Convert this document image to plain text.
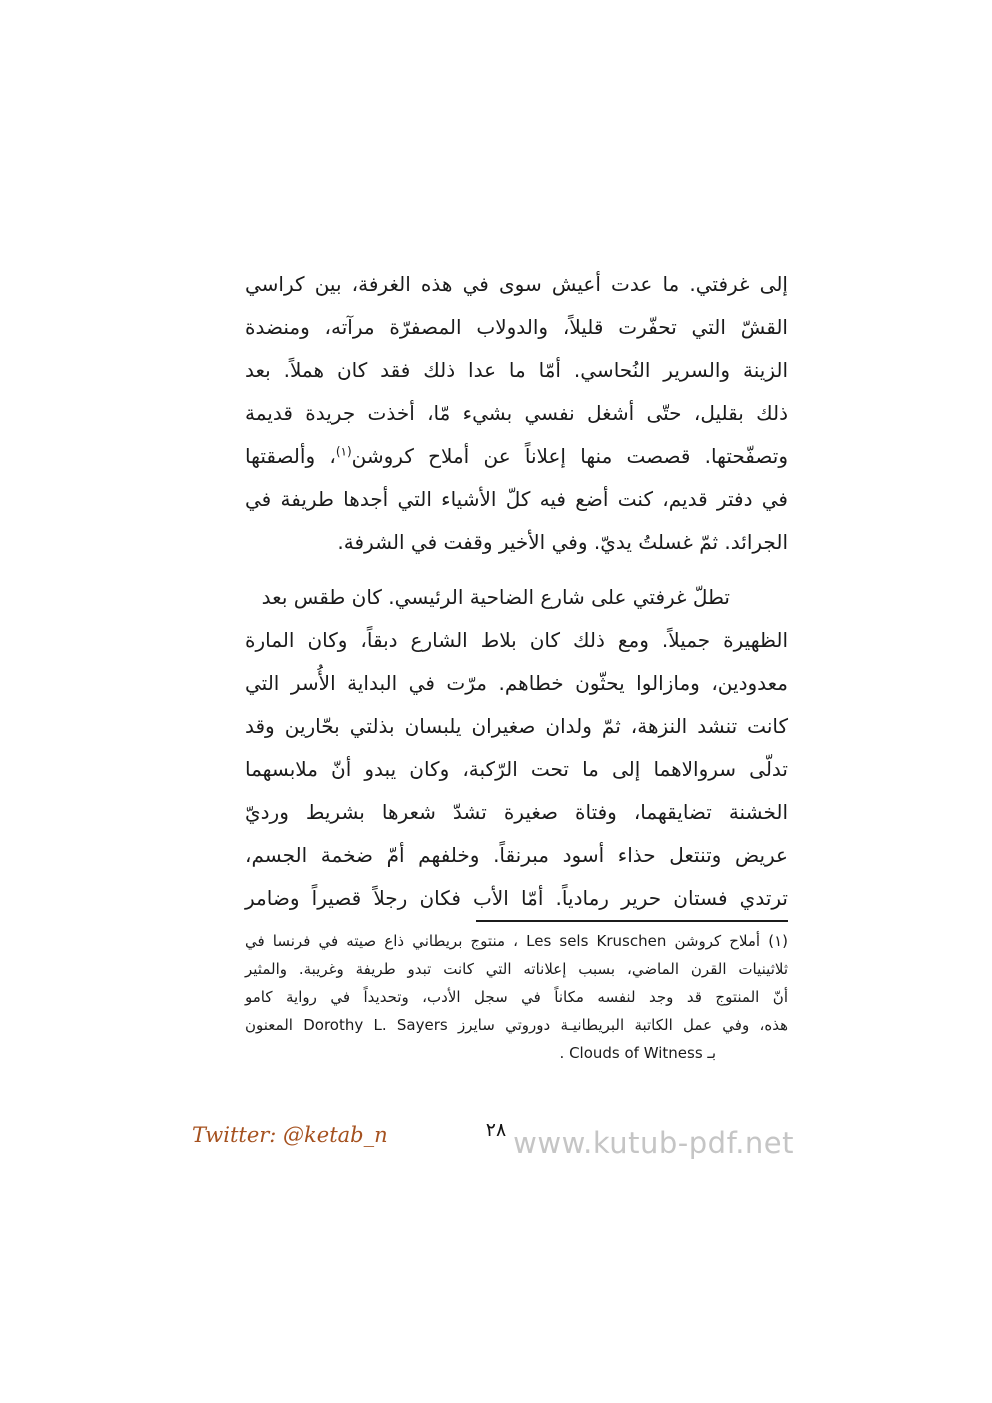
إلى غرفتي. ما عدت أعيش سوى في هذه الغرفة، بين كراسي
القشّ التي تحفّرت قليلاً، والدولاب المصفرّة مرآته، ومنضدة
الزينة والسرير النُحاسي. أمّا ما عدا ذلك فقد كان هملاً. بعد
ذلك بقليل، حتّى أشغل نفسي بشيء مّا، أخذت جريدة قديمة
وتصفّحتها. قصصت منها إعلاناً عن أملاح كروشن$^{(١)}$، وألصقتها
في دفتر قديم، كنت أضع فيه كلّ الأشياء التي أجدها طريفة في
الجرائد. ثمّ غسلتُ يديّ. وفي الأخير وقفت في الشرفة.
تطلّ غرفتي على شارع الضاحية الرئيسي. كان طقس بعد
الظهيرة جميلاً. ومع ذلك كان بلاط الشارع دبقاً، وكان المارة
معدودين، ومازالوا يحثّون خطاهم. مرّت في البداية الأُسر التي
كانت تنشد النزهة، ثمّ ولدان صغيران يلبسان بذلتي بحّارين وقد
تدلّى سروالاهما إلى ما تحت الرّكبة، وكان يبدو أنّ ملابسهما
الخشنة تضايقهما، وفتاة صغيرة تشدّ شعرها بشريط ورديّ
عريض وتنتعل حذاء أسود مبرنقاً. وخلفهم أمّ ضخمة الجسم،
ترتدي فستان حرير رمادياً. أمّا الأب فكان رجلاً قصيراً وضامر
(١) أملاح كروشن Les sels Kruschen ، منتوج بريطاني ذاع صيته في فرنسا في
ثلاثينيات القرن الماضي، بسبب إعلاناته التي كانت تبدو طريفة وغريبة. والمثير
أنّ المنتوج قد وجد لنفسه مكاناً في سجل الأدب، وتحديداً في رواية كامو
هذه، وفي عمل الكاتبة البريطانيـة دوروتي سايرز Dorothy L. Sayers المعنون
بـ Clouds of Witness .
Twitter: @ketab_n	٢٨ www.kutub-pdf.net
